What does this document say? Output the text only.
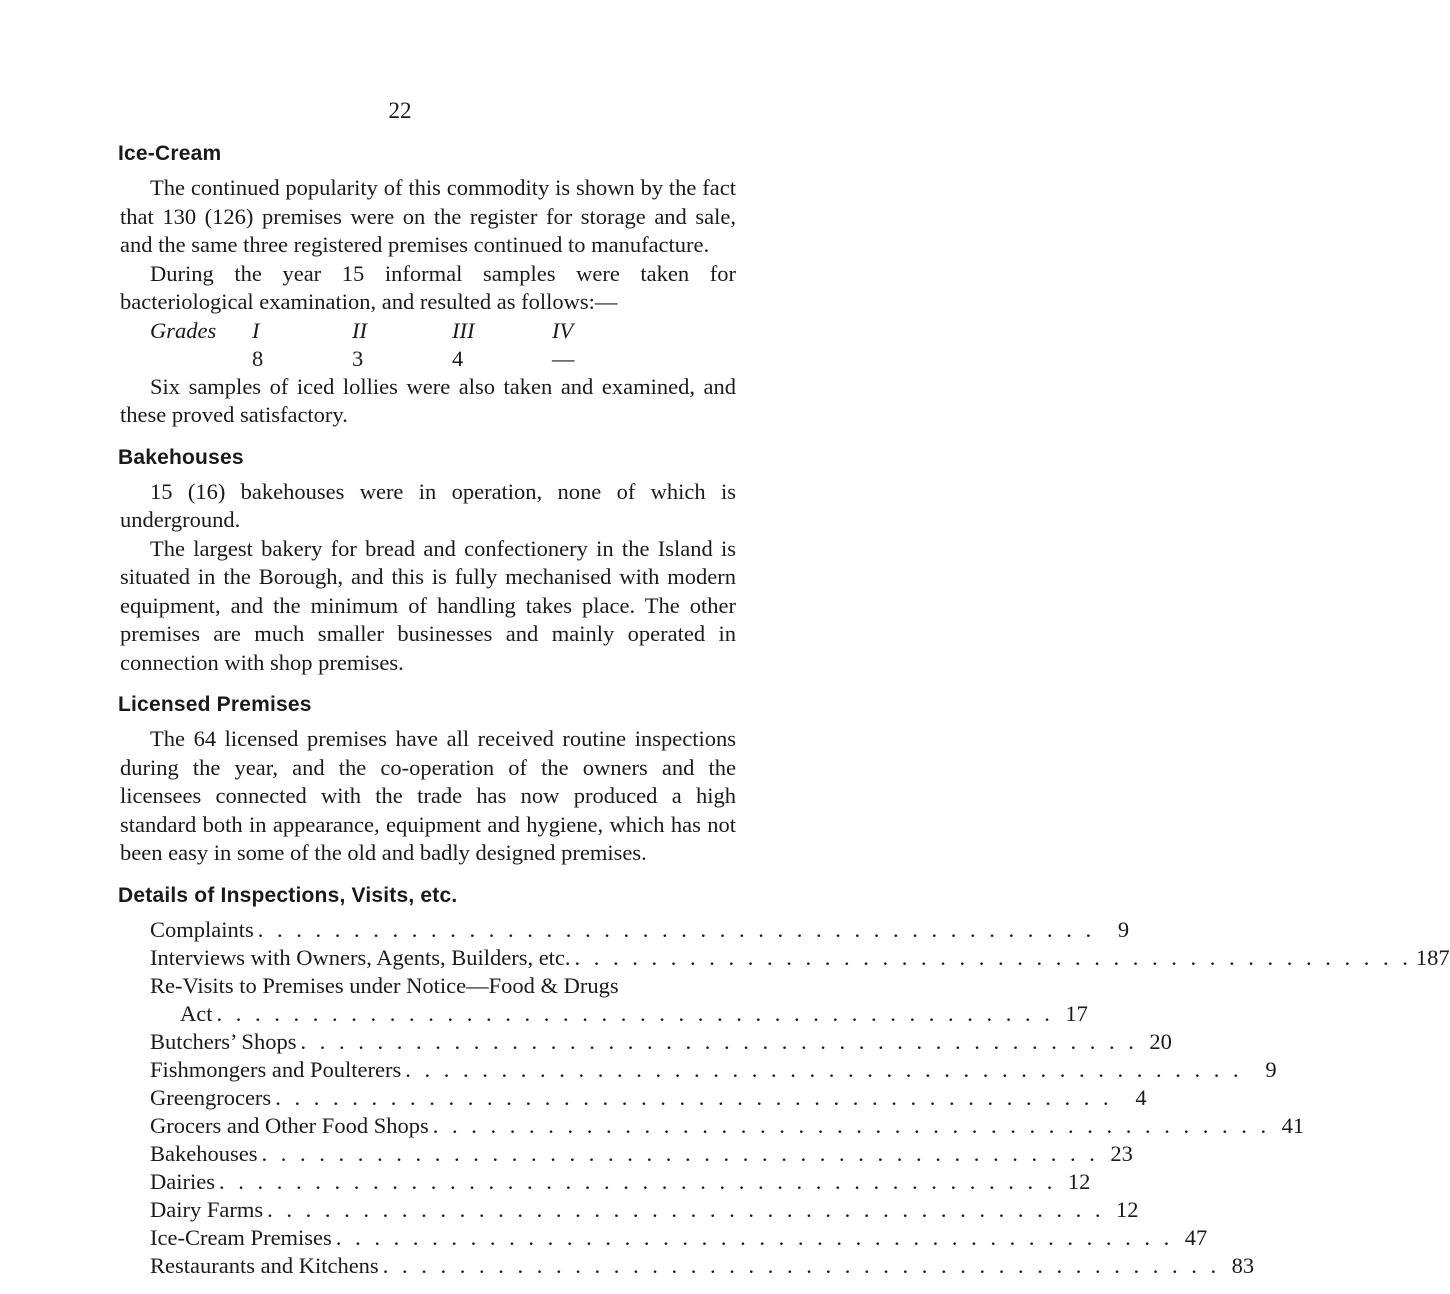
22
Ice-Cream

The continued popularity of this commodity is shown by the fact that 130 (126) premises were on the register for storage and sale, and the same three registered premises continued to manufacture.

During the year 15 informal samples were taken for bacteriological examination, and resulted as follows:—

Grades	I	II	III	IV
8	3	4	—

Six samples of iced lollies were also taken and examined, and these proved satisfactory.

Bakehouses

15 (16) bakehouses were in operation, none of which is underground.

The largest bakery for bread and confectionery in the Island is situated in the Borough, and this is fully mechanised with modern equipment, and the minimum of handling takes place. The other premises are much smaller businesses and mainly operated in connection with shop premises.

Licensed Premises

The 64 licensed premises have all received routine inspections during the year, and the co-operation of the owners and the licensees connected with the trade has now produced a high standard both in appearance, equipment and hygiene, which has not been easy in some of the old and badly designed premises.

Details of Inspections, Visits, etc.
Complaints . . . . . . . . . . . . . . . . . . . . . . . . . . . . . . . . . . . . . . . . . . . .	9
Interviews with Owners, Agents, Builders, etc. . . . . . . . . . . . . . . . . . . . . . . . . . . . . . . . . . . . . . . . . . . . . 187
Re-Visits to Premises under Notice—Food & Drugs
Act . . . . . . . . . . . . . . . . . . . . . . . . . . . . . . . . . . . . . . . . . . . . 17
Butchers’ Shops . . . . . . . . . . . . . . . . . . . . . . . . . . . . . . . . . . . . . . . . . . . . 20
Fishmongers and Poulterers . . . . . . . . . . . . . . . . . . . . . . . . . . . . . . . . . . . . . . . . . . . .	9
Greengrocers . . . . . . . . . . . . . . . . . . . . . . . . . . . . . . . . . . . . . . . . . . . .	4
Grocers and Other Food Shops . . . . . . . . . . . . . . . . . . . . . . . . . . . . . . . . . . . . . . . . . . . . 41
Bakehouses . . . . . . . . . . . . . . . . . . . . . . . . . . . . . . . . . . . . . . . . . . . . 23
Dairies . . . . . . . . . . . . . . . . . . . . . . . . . . . . . . . . . . . . . . . . . . . . 12
Dairy Farms . . . . . . . . . . . . . . . . . . . . . . . . . . . . . . . . . . . . . . . . . . . . 12
Ice-Cream Premises . . . . . . . . . . . . . . . . . . . . . . . . . . . . . . . . . . . . . . . . . . . . 47
Restaurants and Kitchens . . . . . . . . . . . . . . . . . . . . . . . . . . . . . . . . . . . . . . . . . . . . 83
